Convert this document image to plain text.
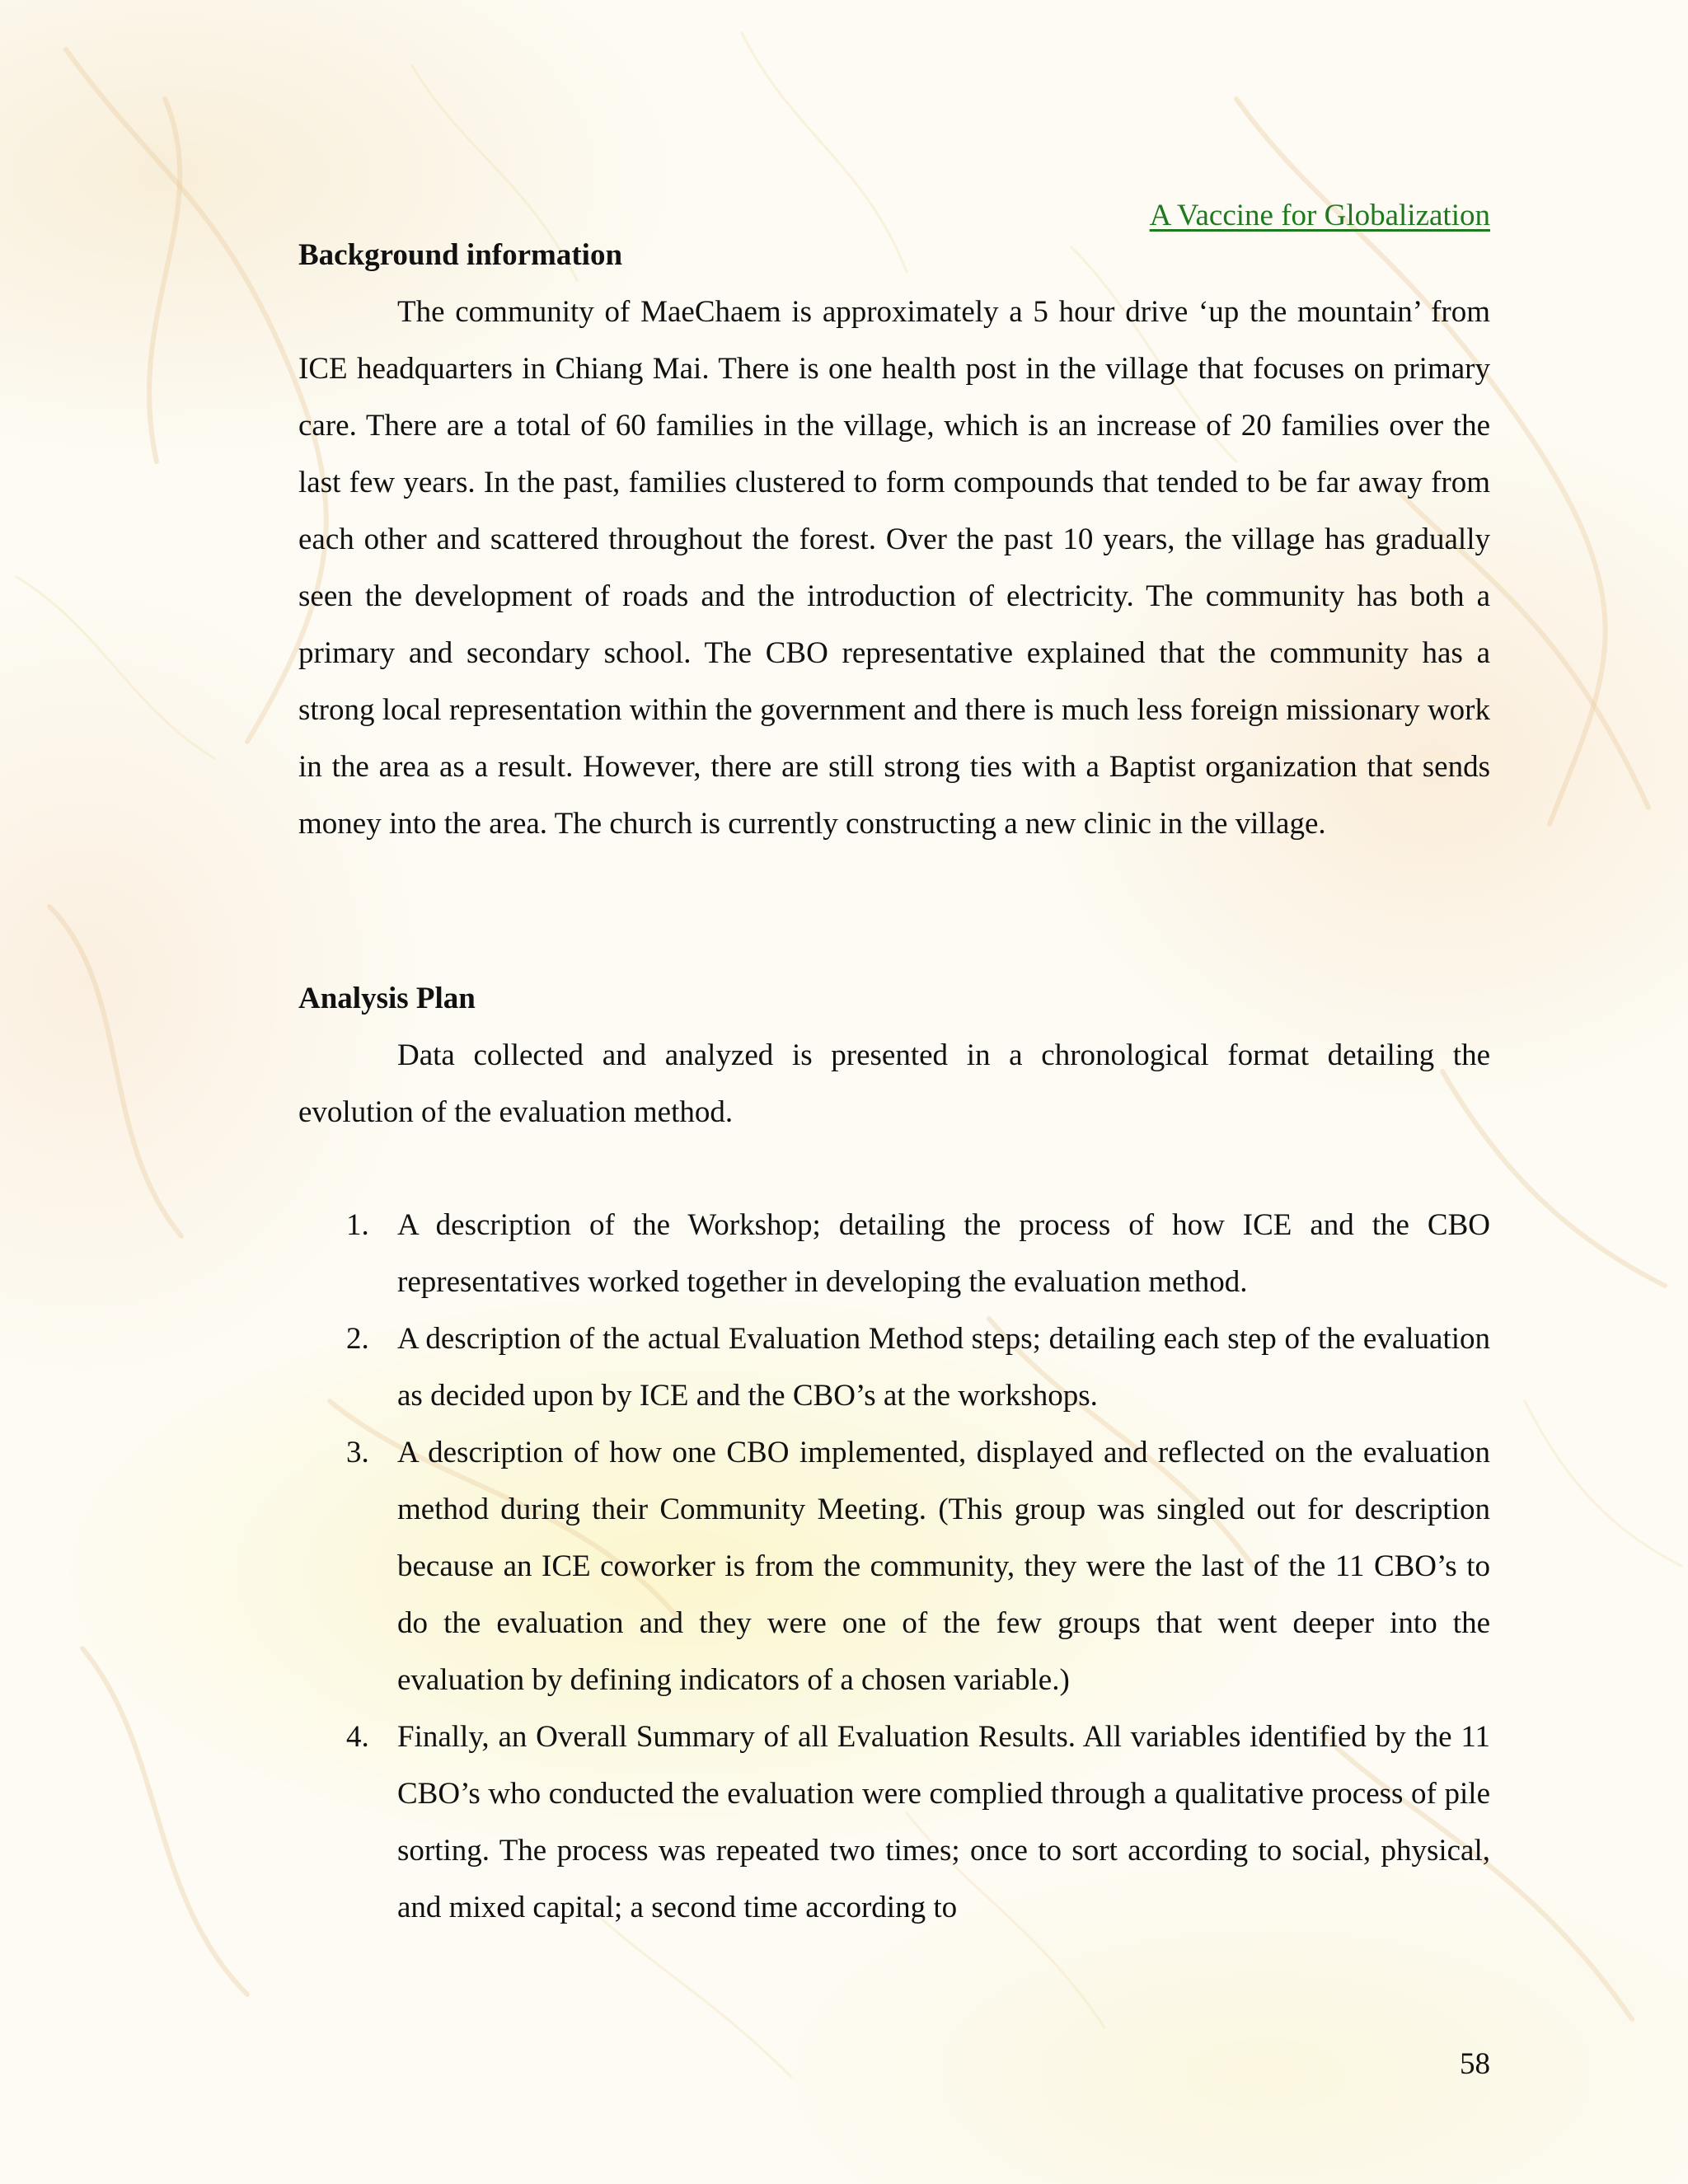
A Vaccine for Globalization
Background information

The community of MaeChaem is approximately a 5 hour drive ‘up the mountain’ from ICE headquarters in Chiang Mai. There is one health post in the village that focuses on primary care. There are a total of 60 families in the village, which is an increase of 20 families over the last few years. In the past, families clustered to form compounds that tended to be far away from each other and scattered throughout the forest. Over the past 10 years, the village has gradually seen the development of roads and the introduction of electricity. The community has both a primary and secondary school. The CBO representative explained that the community has a strong local representation within the government and there is much less foreign missionary work in the area as a result. However, there are still strong ties with a Baptist organization that sends money into the area. The church is currently constructing a new clinic in the village.

Analysis Plan

Data collected and analyzed is presented in a chronological format detailing the evolution of the evaluation method.

1. A description of the Workshop; detailing the process of how ICE and the CBO representatives worked together in developing the evaluation method.
2. A description of the actual Evaluation Method steps; detailing each step of the evaluation as decided upon by ICE and the CBO’s at the workshops.
3. A description of how one CBO implemented, displayed and reflected on the evaluation method during their Community Meeting. (This group was singled out for description because an ICE coworker is from the community, they were the last of the 11 CBO’s to do the evaluation and they were one of the few groups that went deeper into the evaluation by defining indicators of a chosen variable.)
4. Finally, an Overall Summary of all Evaluation Results. All variables identified by the 11 CBO’s who conducted the evaluation were complied through a qualitative process of pile sorting. The process was repeated two times; once to sort according to social, physical, and mixed capital; a second time according to
58
